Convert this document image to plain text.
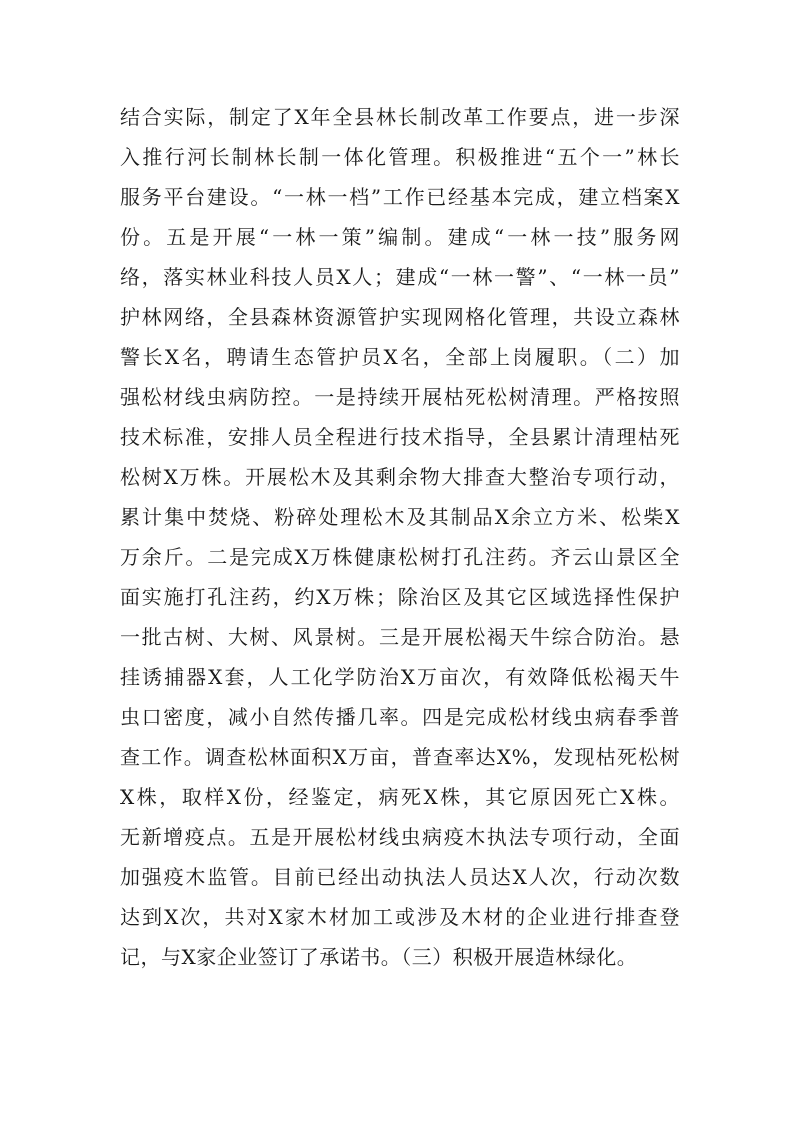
结合实际，制定了X年全县林长制改革工作要点，进一步深
入推行河长制林长制一体化管理。积极推进“五个一”林长
服务平台建设。“一林一档”工作已经基本完成，建立档案X
份。五是开展“一林一策”编制。建成“一林一技”服务网
络，落实林业科技人员X人；建成“一林一警”、“一林一员”
护林网络，全县森林资源管护实现网格化管理，共设立森林
警长X名，聘请生态管护员X名，全部上岗履职。（二）加
强松材线虫病防控。一是持续开展枯死松树清理。严格按照
技术标准，安排人员全程进行技术指导，全县累计清理枯死
松树X万株。开展松木及其剩余物大排查大整治专项行动，
累计集中焚烧、粉碎处理松木及其制品X余立方米、松柴X
万余斤。二是完成X万株健康松树打孔注药。齐云山景区全
面实施打孔注药，约X万株；除治区及其它区域选择性保护
一批古树、大树、风景树。三是开展松褐天牛综合防治。悬
挂诱捕器X套，人工化学防治X万亩次，有效降低松褐天牛
虫口密度，减小自然传播几率。四是完成松材线虫病春季普
查工作。调查松林面积X万亩，普查率达X%，发现枯死松树
X株，取样X份，经鉴定，病死X株，其它原因死亡X株。
无新增疫点。五是开展松材线虫病疫木执法专项行动，全面
加强疫木监管。目前已经出动执法人员达X人次，行动次数
达到X次，共对X家木材加工或涉及木材的企业进行排查登
记，与X家企业签订了承诺书。（三）积极开展造林绿化。
